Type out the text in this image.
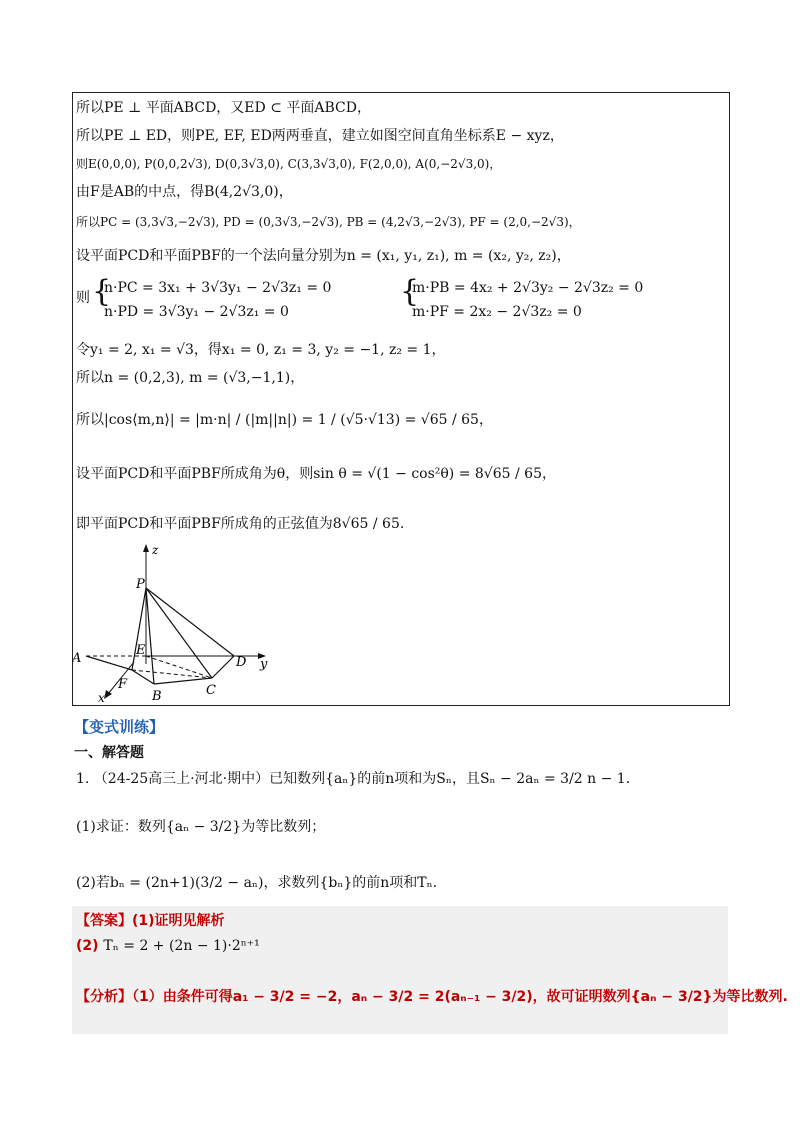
所以PE ⊥ 平面ABCD，又ED ⊂ 平面ABCD，
所以PE ⊥ ED，则PE, EF, ED两两垂直，建立如图空间直角坐标系E − xyz，
则E(0,0,0), P(0,0,2√3), D(0,3√3,0), C(3,3√3,0), F(2,0,0), A(0,−2√3,0)，
由F是AB的中点，得B(4,2√3,0)，
所以PC = (3,3√3,−2√3), PD = (0,3√3,−2√3), PB = (4,2√3,−2√3), PF = (2,0,−2√3)，
设平面PCD和平面PBF的一个法向量分别为n = (x₁, y₁, z₁), m = (x₂, y₂, z₂)，
则 {
n·PC = 3x₁ + 3√3y₁ − 2√3z₁ = 0
n·PD = 3√3y₁ − 2√3z₁ = 0
{
m·PB = 4x₂ + 2√3y₂ − 2√3z₂ = 0
m·PF = 2x₂ − 2√3z₂ = 0
令y₁ = 2, x₁ = √3，得x₁ = 0, z₁ = 3, y₂ = −1, z₂ = 1，
所以n = (0,2,3), m = (√3,−1,1)，
所以|cos⟨m,n⟩| = |m·n| / (|m||n|) = 1 / (√5·√13) = √65 / 65，
设平面PCD和平面PBF所成角为θ，则sin θ = √(1 − cos²θ) = 8√65 / 65，
即平面PCD和平面PBF所成角的正弦值为8√65 / 65.
z
P
A
E
D y
F
B	C
x
【变式训练】
一、解答题
1. （24-25高三上·河北·期中）已知数列{aₙ}的前n项和为Sₙ，且Sₙ − 2aₙ = 3/2 n − 1．
(1)求证：数列{aₙ − 3/2}为等比数列；
(2)若bₙ = (2n+1)(3/2 − aₙ)，求数列{bₙ}的前n项和Tₙ．
【答案】(1)证明见解析
(2) Tₙ = 2 + (2n − 1)·2ⁿ⁺¹
【分析】（1）由条件可得a₁ − 3/2 = −2，aₙ − 3/2 = 2(aₙ₋₁ − 3/2)，故可证明数列{aₙ − 3/2}为等比数列.
